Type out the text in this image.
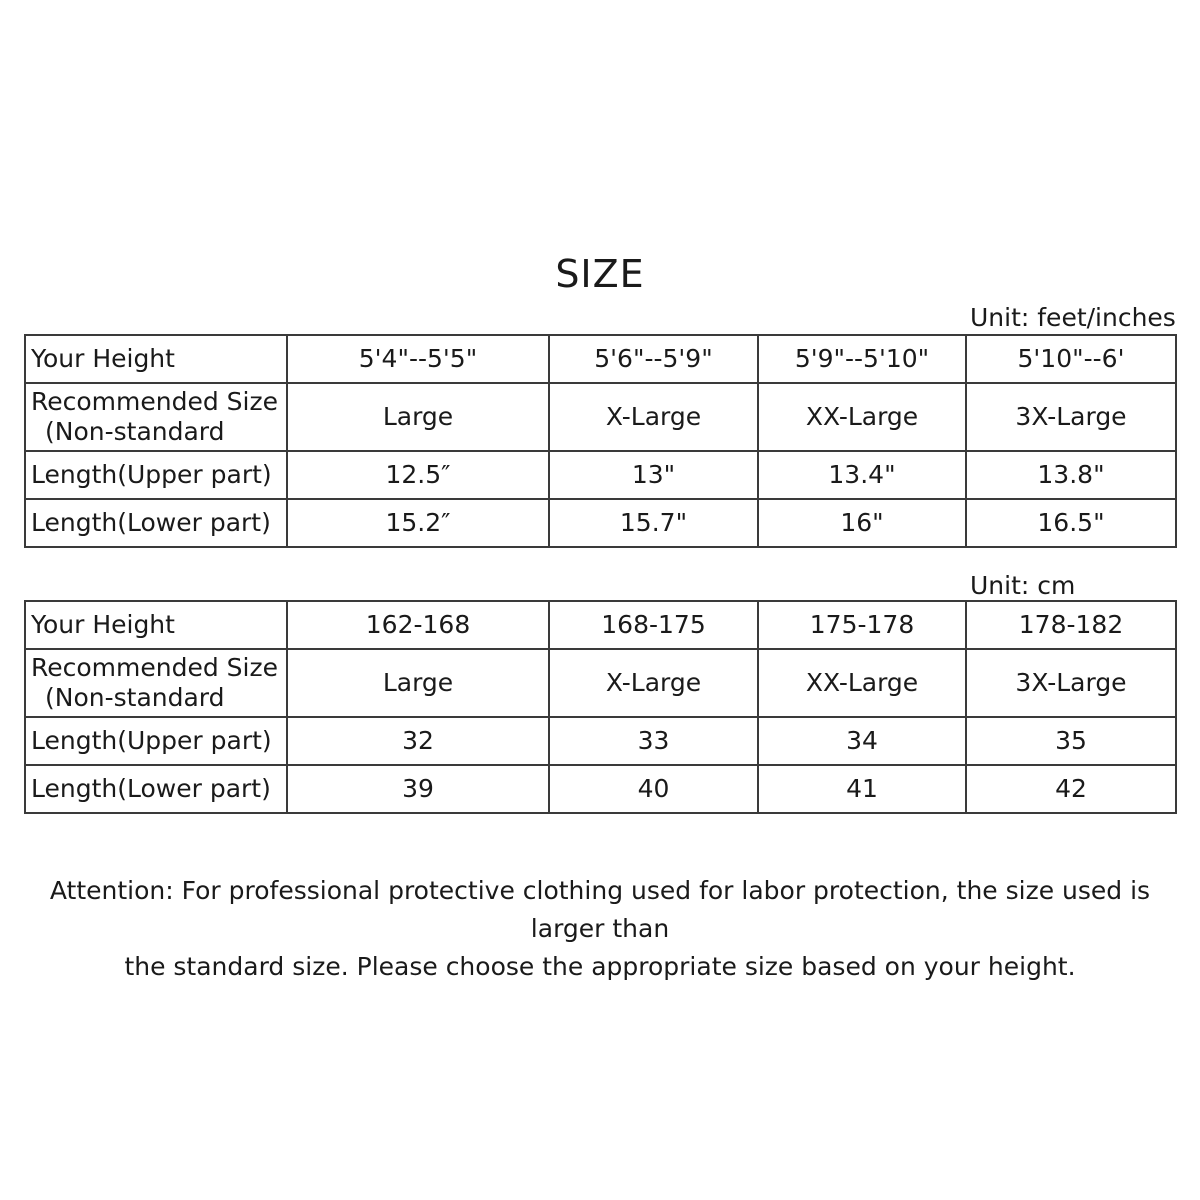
SIZE
Unit: feet/inches
Your Height	5'4"--5'5"	5'6"--5'9"	5'9"--5'10"	5'10"--6'

Recommended Size
(Non-standard	Large	X-Large	XX-Large	3X-Large
Length(Upper part)	12.5″	13"	13.4"	13.8"
Length(Lower part)	15.2″	15.7"	16"	16.5"
Unit: cm
Your Height	162-168	168-175	175-178	178-182

Recommended Size
(Non-standard	Large	X-Large	XX-Large	3X-Large
Length(Upper part)	32	33	34	35
Length(Lower part)	39	40	41	42
Attention: For professional protective clothing used for labor protection, the size used is larger than
the standard size. Please choose the appropriate size based on your height.
